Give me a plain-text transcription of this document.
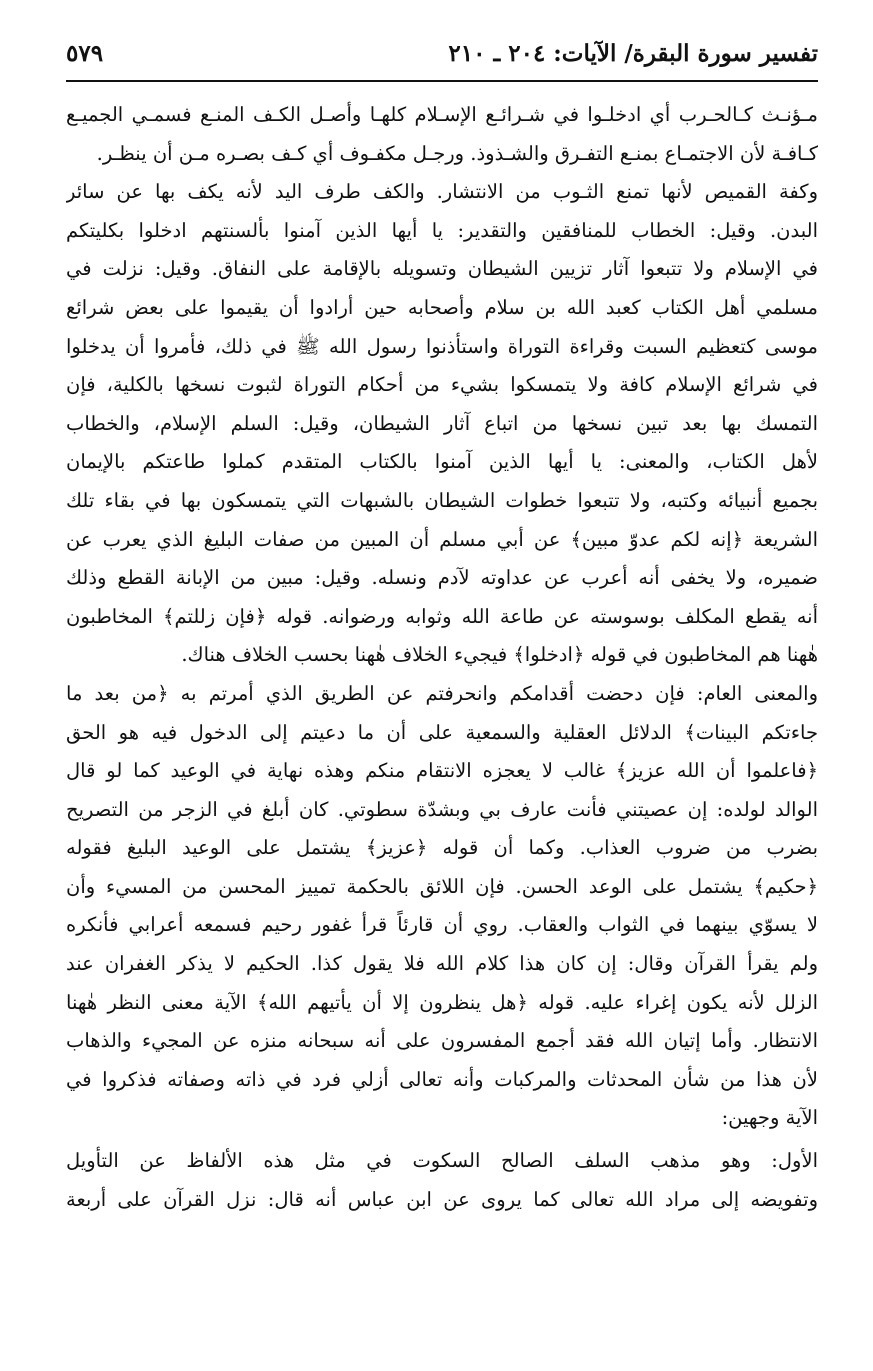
تفسير سورة البقرة/ الآيات: ٢٠٤ ـ ٢١٠
٥٧٩
مـؤنـث كـالحـرب أي ادخلـوا في شـرائـع الإسـلام كلهـا وأصـل الكـف المنـع فسمـي الجميـع
كـافـة لأن الاجتمـاع بمنـع التفـرق والشـذوذ. ورجـل مكفـوف أي كـف بصـره مـن أن ينظـر.
وكفة القميص لأنها تمنع الثـوب من الانتشار. والكف طرف اليد لأنه يكف بها عن سائر
البدن. وقيل: الخطاب للمنافقين والتقدير: يا أيها الذين آمنوا بألسنتهم ادخلوا بكليتكم
في الإسلام ولا تتبعوا آثار تزيين الشيطان وتسويله بالإقامة على النفاق. وقيل: نزلت في
مسلمي أهل الكتاب كعبد الله بن سلام وأصحابه حين أرادوا أن يقيموا على بعض شرائع
موسى كتعظيم السبت وقراءة التوراة واستأذنوا رسول الله ﷺ في ذلك، فأمروا أن يدخلوا
في شرائع الإسلام كافة ولا يتمسكوا بشيء من أحكام التوراة لثبوت نسخها بالكلية، فإن
التمسك بها بعد تبين نسخها من اتباع آثار الشيطان، وقيل: السلم الإسلام، والخطاب
لأهل الكتاب، والمعنى: يا أيها الذين آمنوا بالكتاب المتقدم كملوا طاعتكم بالإيمان
بجميع أنبيائه وكتبه، ولا تتبعوا خطوات الشيطان بالشبهات التي يتمسكون بها في بقاء تلك
الشريعة ﴿إنه لكم عدوّ مبين﴾ عن أبي مسلم أن المبين من صفات البليغ الذي يعرب عن
ضميره، ولا يخفى أنه أعرب عن عداوته لآدم ونسله. وقيل: مبين من الإبانة القطع وذلك
أنه يقطع المكلف بوسوسته عن طاعة الله وثوابه ورضوانه. قوله ﴿فإن زللتم﴾ المخاطبون
هٰهنا هم المخاطبون في قوله ﴿ادخلوا﴾ فيجيء الخلاف هٰهنا بحسب الخلاف هناك.
والمعنى العام: فإن دحضت أقدامكم وانحرفتم عن الطريق الذي أمرتم به ﴿من بعد ما
جاءتكم البينات﴾ الدلائل العقلية والسمعية على أن ما دعيتم إلى الدخول فيه هو الحق
﴿فاعلموا أن الله عزيز﴾ غالب لا يعجزه الانتقام منكم وهذه نهاية في الوعيد كما لو قال
الوالد لولده: إن عصيتني فأنت عارف بي وبشدّة سطوتي. كان أبلغ في الزجر من التصريح
بضرب من ضروب العذاب. وكما أن قوله ﴿عزيز﴾ يشتمل على الوعيد البليغ فقوله
﴿حكيم﴾ يشتمل على الوعد الحسن. فإن اللائق بالحكمة تمييز المحسن من المسيء وأن
لا يسوّي بينهما في الثواب والعقاب. روي أن قارئاً قرأ غفور رحيم فسمعه أعرابي فأنكره
ولم يقرأ القرآن وقال: إن كان هذا كلام الله فلا يقول كذا. الحكيم لا يذكر الغفران عند
الزلل لأنه يكون إغراء عليه. قوله ﴿هل ينظرون إلا أن يأتيهم الله﴾ الآية معنى النظر هٰهنا
الانتظار. وأما إتيان الله فقد أجمع المفسرون على أنه سبحانه منزه عن المجيء والذهاب
لأن هذا من شأن المحدثات والمركبات وأنه تعالى أزلي فرد في ذاته وصفاته فذكروا في
الآية وجهين:
الأول: وهو مذهب السلف الصالح السكوت في مثل هذه الألفاظ عن التأويل
وتفويضه إلى مراد الله تعالى كما يروى عن ابن عباس أنه قال: نزل القرآن على أربعة
